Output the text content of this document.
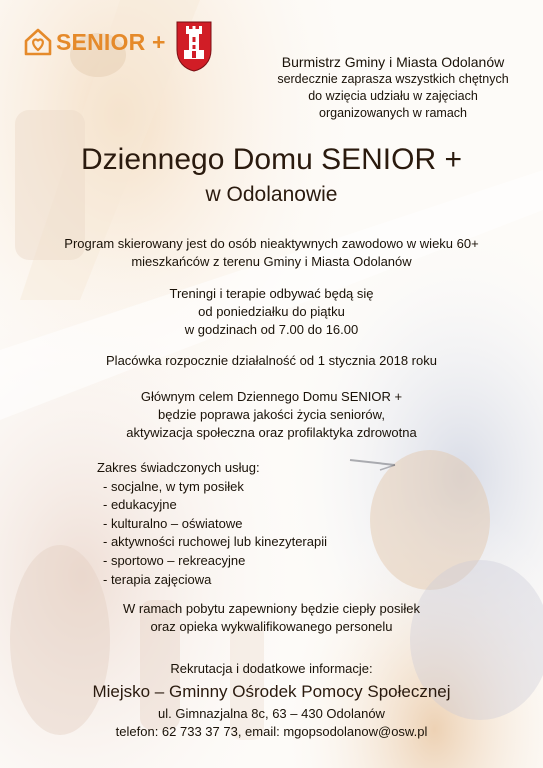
SENIOR +
Burmistrz Gminy i Miasta Odolanów
serdecznie zaprasza wszystkich chętnych
do wzięcia udziału w zajęciach
organizowanych w ramach
Dziennego Domu SENIOR +
w Odolanowie
Program skierowany jest do osób nieaktywnych zawodowo w wieku 60+
mieszkańców z terenu Gminy i Miasta Odolanów
Treningi i terapie odbywać będą się
od poniedziałku do piątku
w godzinach od 7.00 do 16.00
Placówka rozpocznie działalność od 1 stycznia 2018 roku
Głównym celem Dziennego Domu SENIOR +
będzie poprawa jakości życia seniorów,
aktywizacja społeczna oraz profilaktyka zdrowotna
Zakres świadczonych usług:
- socjalne, w tym posiłek
- edukacyjne
- kulturalno – oświatowe
- aktywności ruchowej lub kinezyterapii
- sportowo – rekreacyjne
- terapia zajęciowa
W ramach pobytu zapewniony będzie ciepły posiłek
oraz opieka wykwalifikowanego personelu
Rekrutacja i dodatkowe informacje:
Miejsko – Gminny Ośrodek Pomocy Społecznej
ul. Gimnazjalna 8c, 63 – 430 Odolanów
telefon: 62 733 37 73, email: mgopsodolanow@osw.pl
